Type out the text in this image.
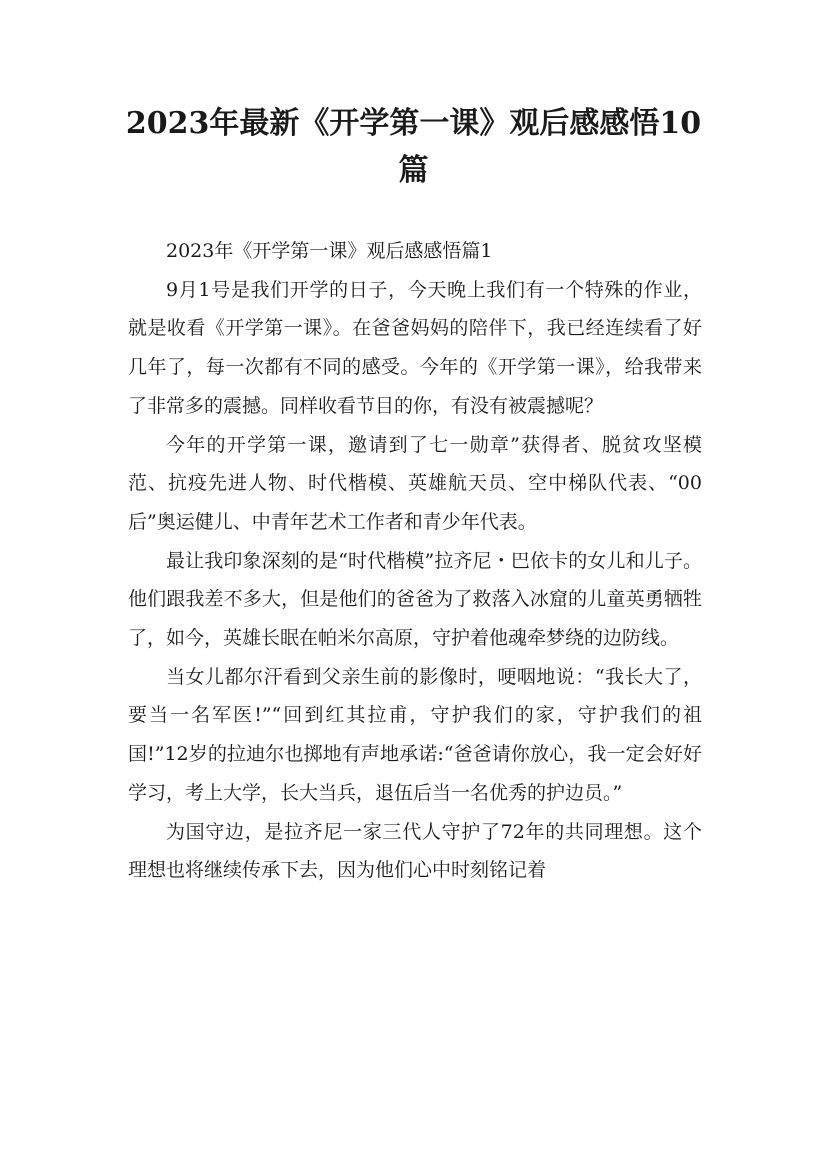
2023年最新《开学第一课》观后感感悟10
篇

2023年《开学第一课》观后感感悟篇1

9月1号是我们开学的日子，今天晚上我们有一个特殊的作业，就是收看《开学第一课》。在爸爸妈妈的陪伴下，我已经连续看了好几年了，每一次都有不同的感受。今年的《开学第一课》，给我带来了非常多的震撼。同样收看节目的你，有没有被震撼呢？

今年的开学第一课，邀请到了七一勋章”获得者、脱贫攻坚模范、抗疫先进人物、时代楷模、英雄航天员、空中梯队代表、“00后”奥运健儿、中青年艺术工作者和青少年代表。

最让我印象深刻的是“时代楷模”拉齐尼・巴依卡的女儿和儿子。他们跟我差不多大，但是他们的爸爸为了救落入冰窟的儿童英勇牺牲了，如今，英雄长眠在帕米尔高原，守护着他魂牵梦绕的边防线。

当女儿都尔汗看到父亲生前的影像时，哽咽地说：“我长大了，要当一名军医!”“回到红其拉甫，守护我们的家，守护我们的祖国!”12岁的拉迪尔也掷地有声地承诺:“爸爸请你放心，我一定会好好学习，考上大学，长大当兵，退伍后当一名优秀的护边员。”

为国守边，是拉齐尼一家三代人守护了72年的共同理想。这个理想也将继续传承下去，因为他们心中时刻铭记着
